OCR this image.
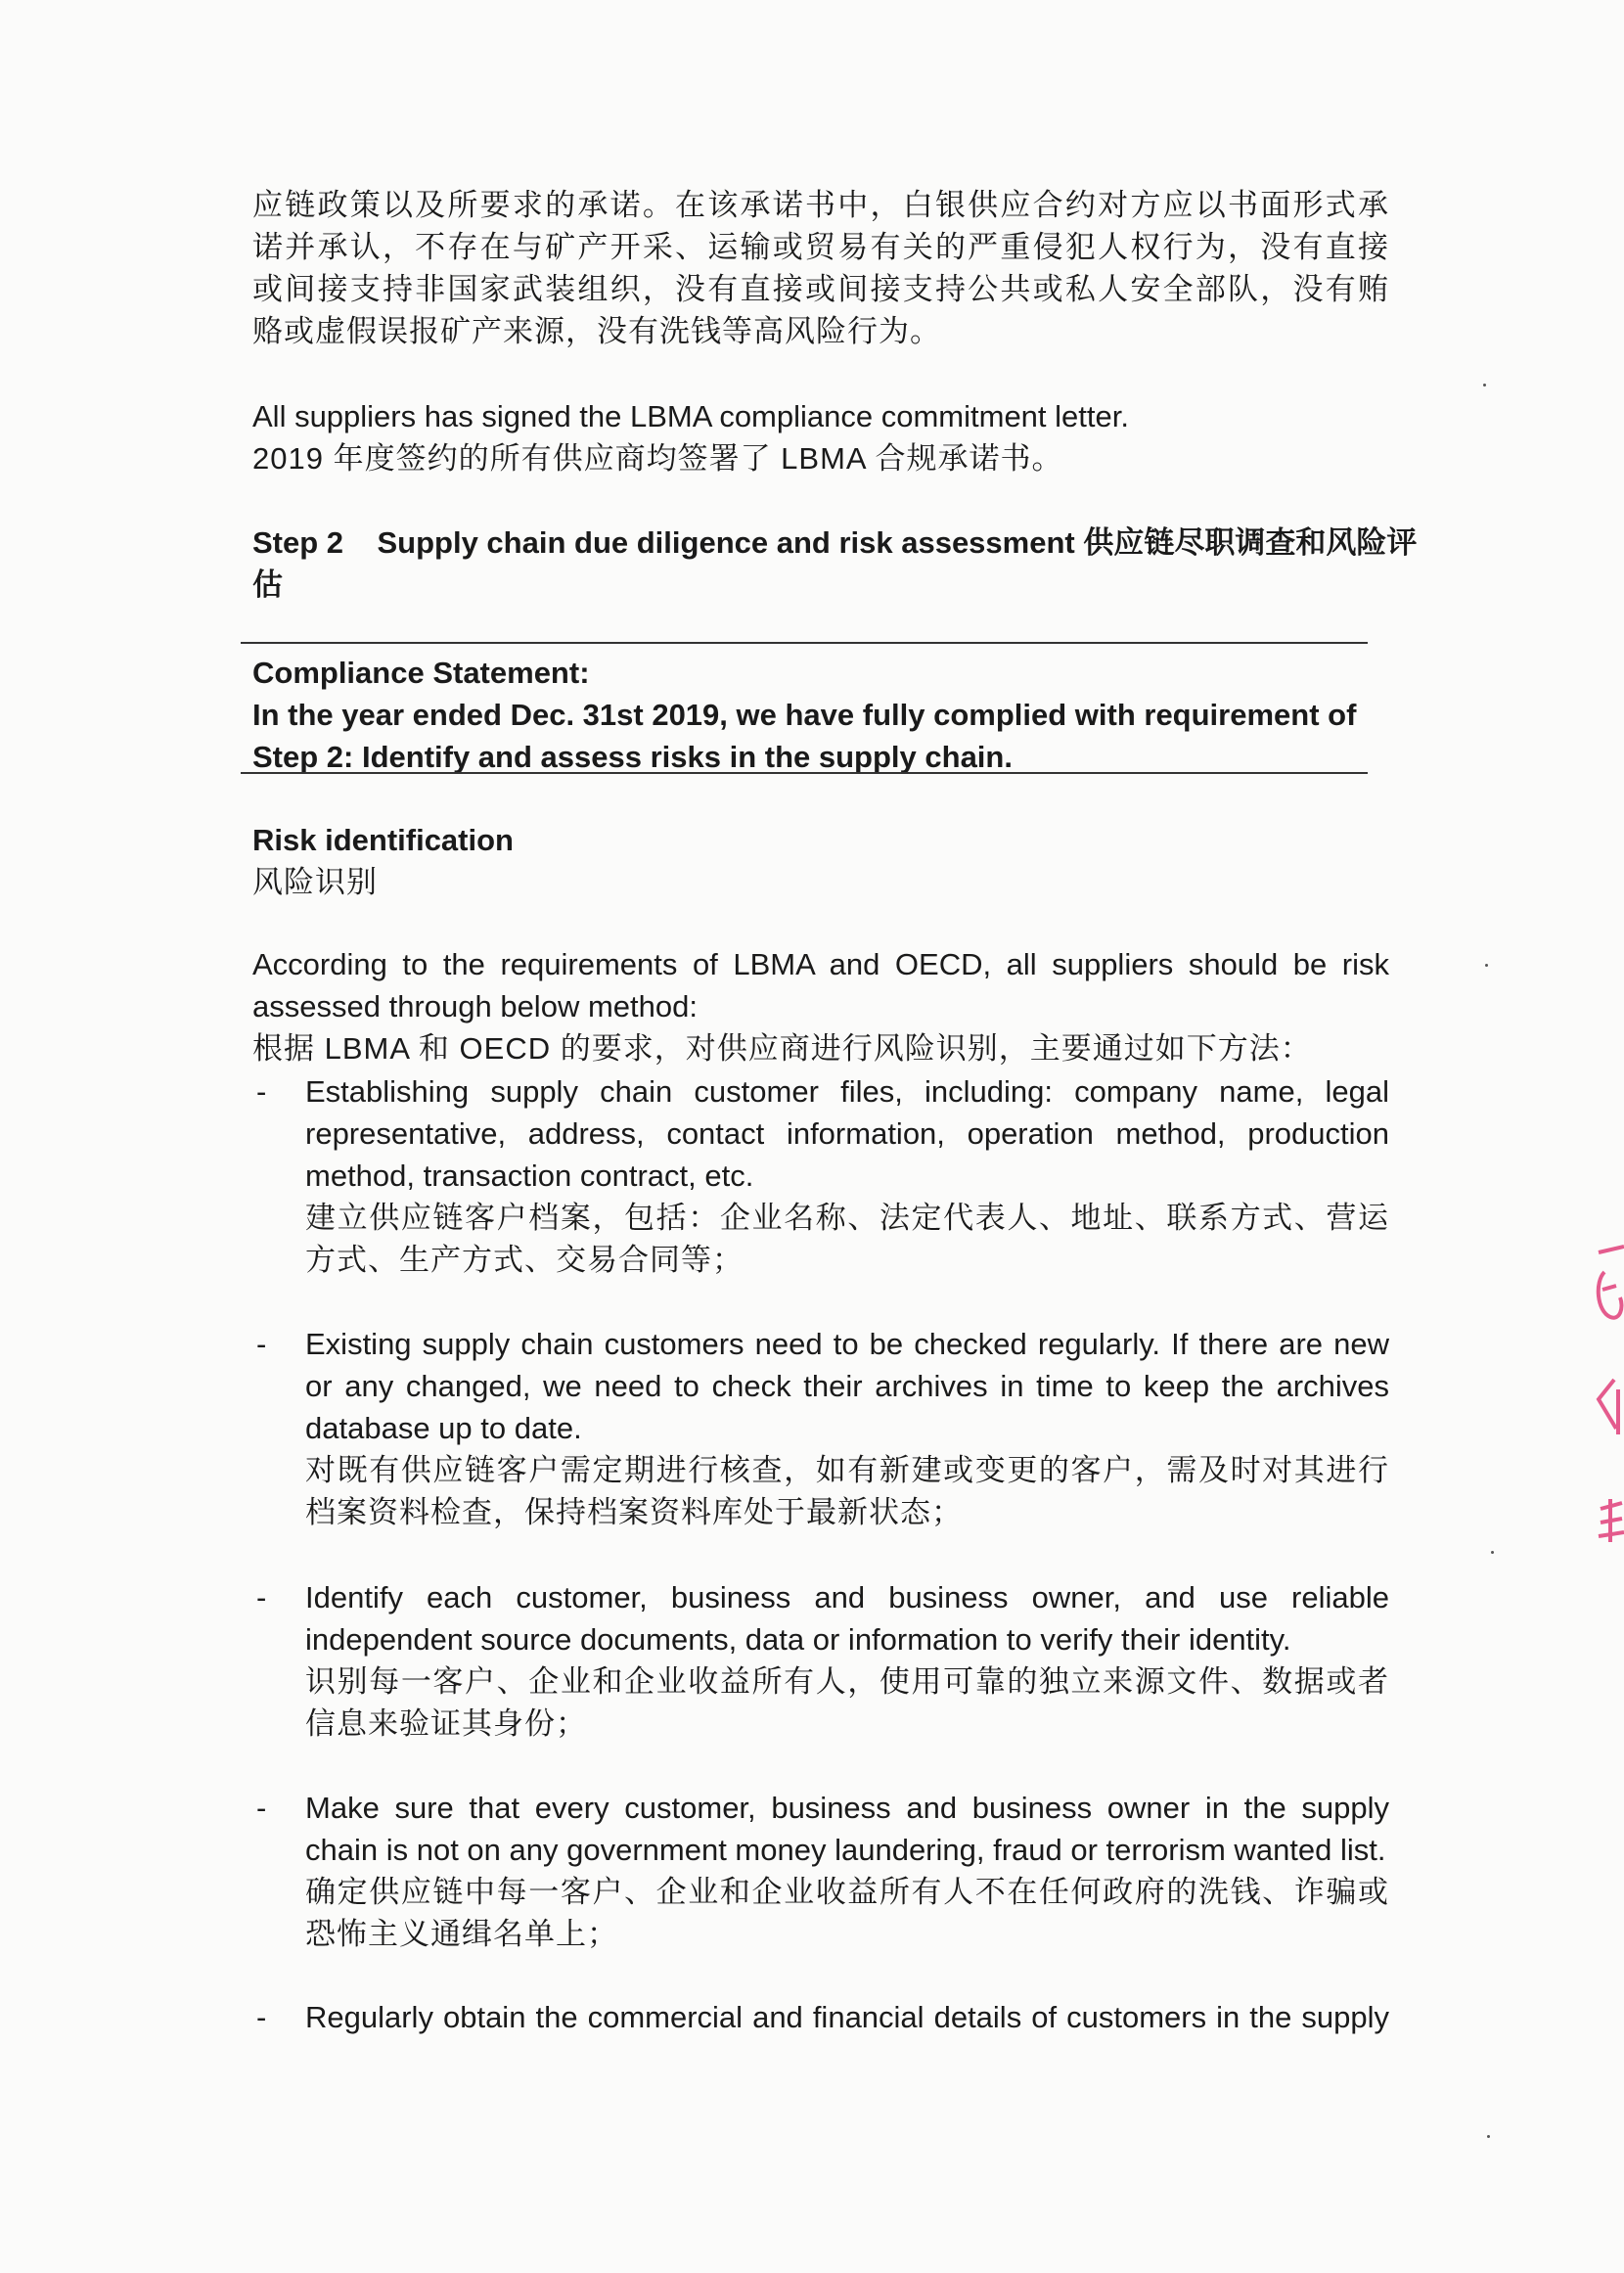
应链政策以及所要求的承诺。在该承诺书中，白银供应合约对方应以书面形式承

诺并承认，不存在与矿产开采、运输或贸易有关的严重侵犯人权行为，没有直接

或间接支持非国家武装组织，没有直接或间接支持公共或私人安全部队，没有贿

赂或虚假误报矿产来源，没有洗钱等高风险行为。

All suppliers has signed the LBMA compliance commitment letter.

2019 年度签约的所有供应商均签署了 LBMA 合规承诺书。

Step 2    Supply chain due diligence and risk assessment 供应链尽职调查和风险评

估

Compliance Statement:

In the year ended Dec. 31st 2019, we have fully complied with requirement of

Step 2: Identify and assess risks in the supply chain.

Risk identification

风险识别

According to the requirements of LBMA and OECD, all suppliers should be risk assessed through below method:

根据 LBMA 和 OECD 的要求，对供应商进行风险识别，主要通过如下方法：

- Establishing supply chain customer files, including: company name, legal representative, address, contact information, operation method, production method, transaction contract, etc.

建立供应链客户档案，包括：企业名称、法定代表人、地址、联系方式、营运方式、生产方式、交易合同等；

- Existing supply chain customers need to be checked regularly. If there are new or any changed, we need to check their archives in time to keep the archives database up to date.

对既有供应链客户需定期进行核查，如有新建或变更的客户，需及时对其进行档案资料检查，保持档案资料库处于最新状态；

- Identify each customer, business and business owner, and use reliable independent source documents, data or information to verify their identity.

识别每一客户、企业和企业收益所有人，使用可靠的独立来源文件、数据或者信息来验证其身份；

- Make sure that every customer, business and business owner in the supply chain is not on any government money laundering, fraud or terrorism wanted list.

确定供应链中每一客户、企业和企业收益所有人不在任何政府的洗钱、诈骗或恐怖主义通缉名单上；

- Regularly obtain the commercial and financial details of customers in the supply
